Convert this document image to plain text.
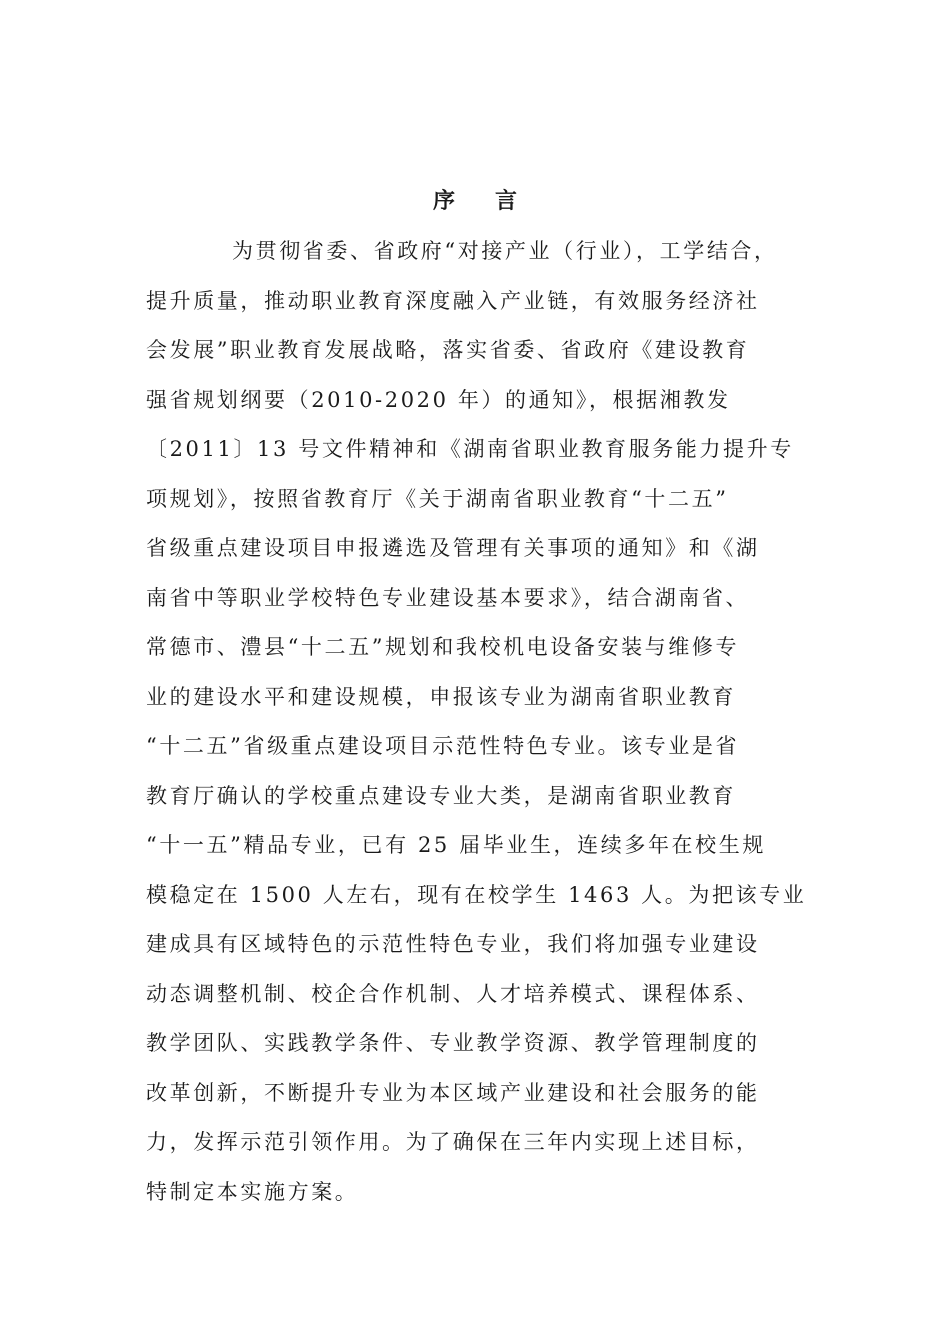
序言
为贯彻省委、省政府“对接产业（行业），工学结合，
提升质量，推动职业教育深度融入产业链，有效服务经济社
会发展”职业教育发展战略，落实省委、省政府《建设教育
强省规划纲要（2010-2020 年）的通知》，根据湘教发
〔2011〕13 号文件精神和《湖南省职业教育服务能力提升专
项规划》，按照省教育厅《关于湖南省职业教育“十二五”
省级重点建设项目申报遴选及管理有关事项的通知》和《湖
南省中等职业学校特色专业建设基本要求》，结合湖南省、
常德市、澧县“十二五”规划和我校机电设备安装与维修专
业的建设水平和建设规模，申报该专业为湖南省职业教育
“十二五”省级重点建设项目示范性特色专业。该专业是省
教育厅确认的学校重点建设专业大类，是湖南省职业教育
“十一五”精品专业，已有 25 届毕业生，连续多年在校生规
模稳定在 1500 人左右，现有在校学生 1463 人。为把该专业
建成具有区域特色的示范性特色专业，我们将加强专业建设
动态调整机制、校企合作机制、人才培养模式、课程体系、
教学团队、实践教学条件、专业教学资源、教学管理制度的
改革创新，不断提升专业为本区域产业建设和社会服务的能
力，发挥示范引领作用。为了确保在三年内实现上述目标，
特制定本实施方案。
